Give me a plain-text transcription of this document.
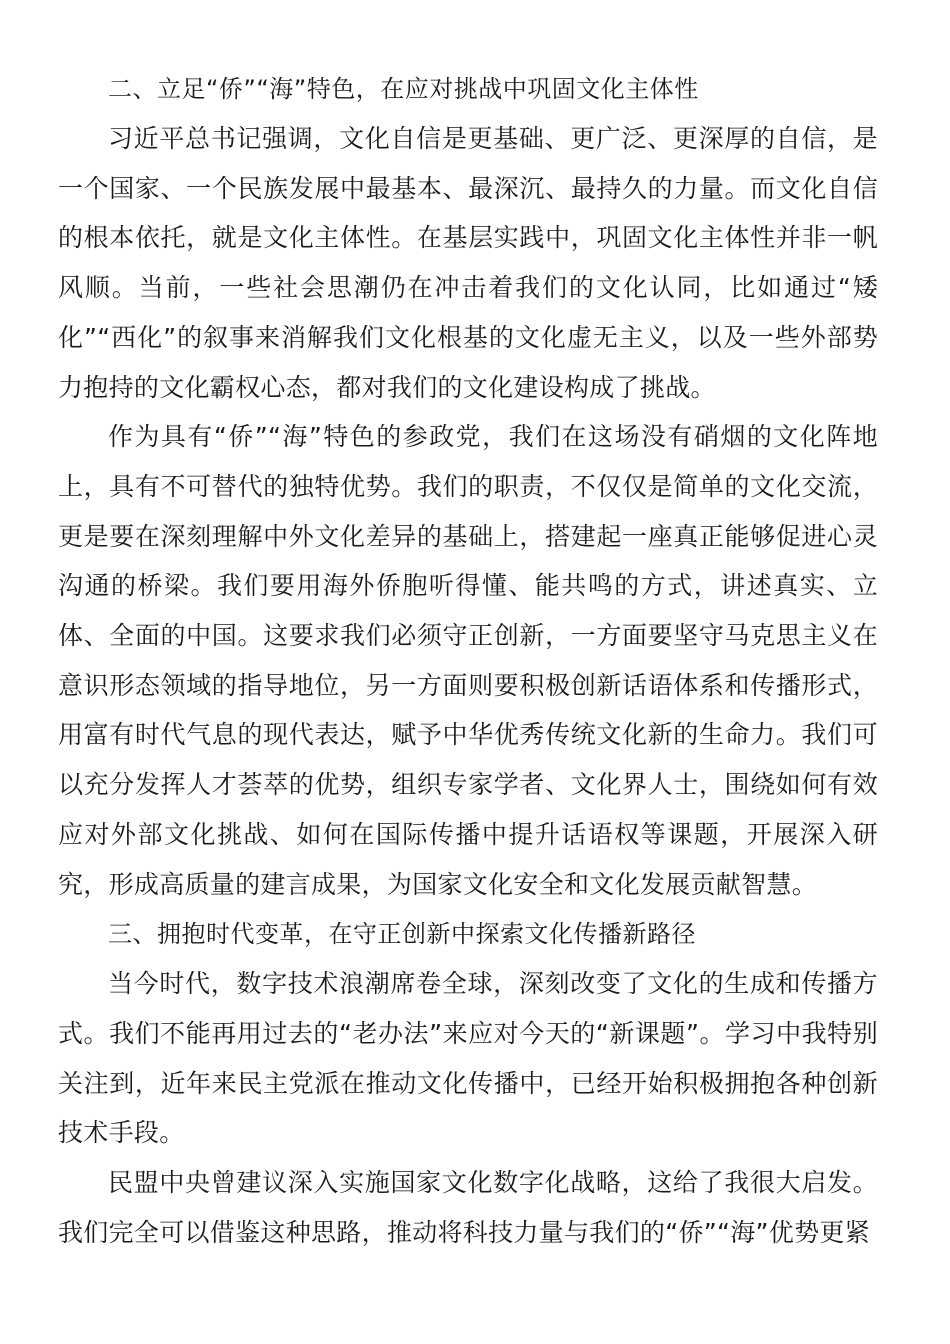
二、立足“侨”“海”特色，在应对挑战中巩固文化主体性

习近平总书记强调，文化自信是更基础、更广泛、更深厚的自信，是一个国家、一个民族发展中最基本、最深沉、最持久的力量。而文化自信的根本依托，就是文化主体性。在基层实践中，巩固文化主体性并非一帆风顺。当前，一些社会思潮仍在冲击着我们的文化认同，比如通过“矮化”“西化”的叙事来消解我们文化根基的文化虚无主义，以及一些外部势力抱持的文化霸权心态，都对我们的文化建设构成了挑战。

作为具有“侨”“海”特色的参政党，我们在这场没有硝烟的文化阵地上，具有不可替代的独特优势。我们的职责，不仅仅是简单的文化交流，更是要在深刻理解中外文化差异的基础上，搭建起一座真正能够促进心灵沟通的桥梁。我们要用海外侨胞听得懂、能共鸣的方式，讲述真实、立体、全面的中国。这要求我们必须守正创新，一方面要坚守马克思主义在意识形态领域的指导地位，另一方面则要积极创新话语体系和传播形式，用富有时代气息的现代表达，赋予中华优秀传统文化新的生命力。我们可以充分发挥人才荟萃的优势，组织专家学者、文化界人士，围绕如何有效应对外部文化挑战、如何在国际传播中提升话语权等课题，开展深入研究，形成高质量的建言成果，为国家文化安全和文化发展贡献智慧。

三、拥抱时代变革，在守正创新中探索文化传播新路径

当今时代，数字技术浪潮席卷全球，深刻改变了文化的生成和传播方式。我们不能再用过去的“老办法”来应对今天的“新课题”。学习中我特别关注到，近年来民主党派在推动文化传播中，已经开始积极拥抱各种创新技术手段。

民盟中央曾建议深入实施国家文化数字化战略，这给了我很大启发。我们完全可以借鉴这种思路，推动将科技力量与我们的“侨”“海”优势更紧
